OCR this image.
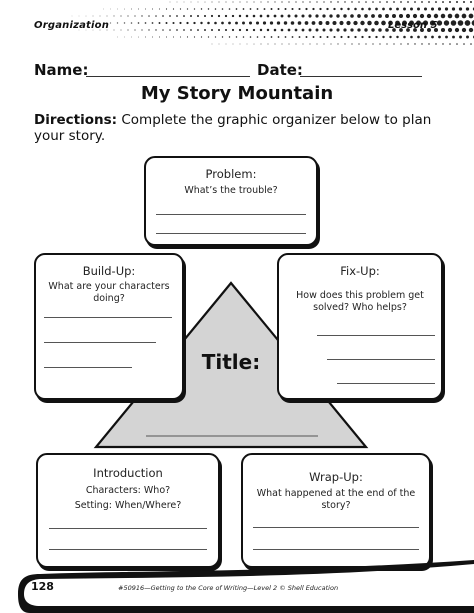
Organization	Lesson 5
Name:	Date:
My Story Mountain
Directions: Complete the graphic organizer below to plan your story.
Title:
Problem:
What’s the trouble?
Build-Up:
What are your characters doing?
Fix-Up:
How does this problem get solved? Who helps?
Introduction
Characters: Who?
Setting: When/Where?
Wrap-Up:
What happened at the end of the story?
128	#50916—Getting to the Core of Writing—Level 2 © Shell Education
